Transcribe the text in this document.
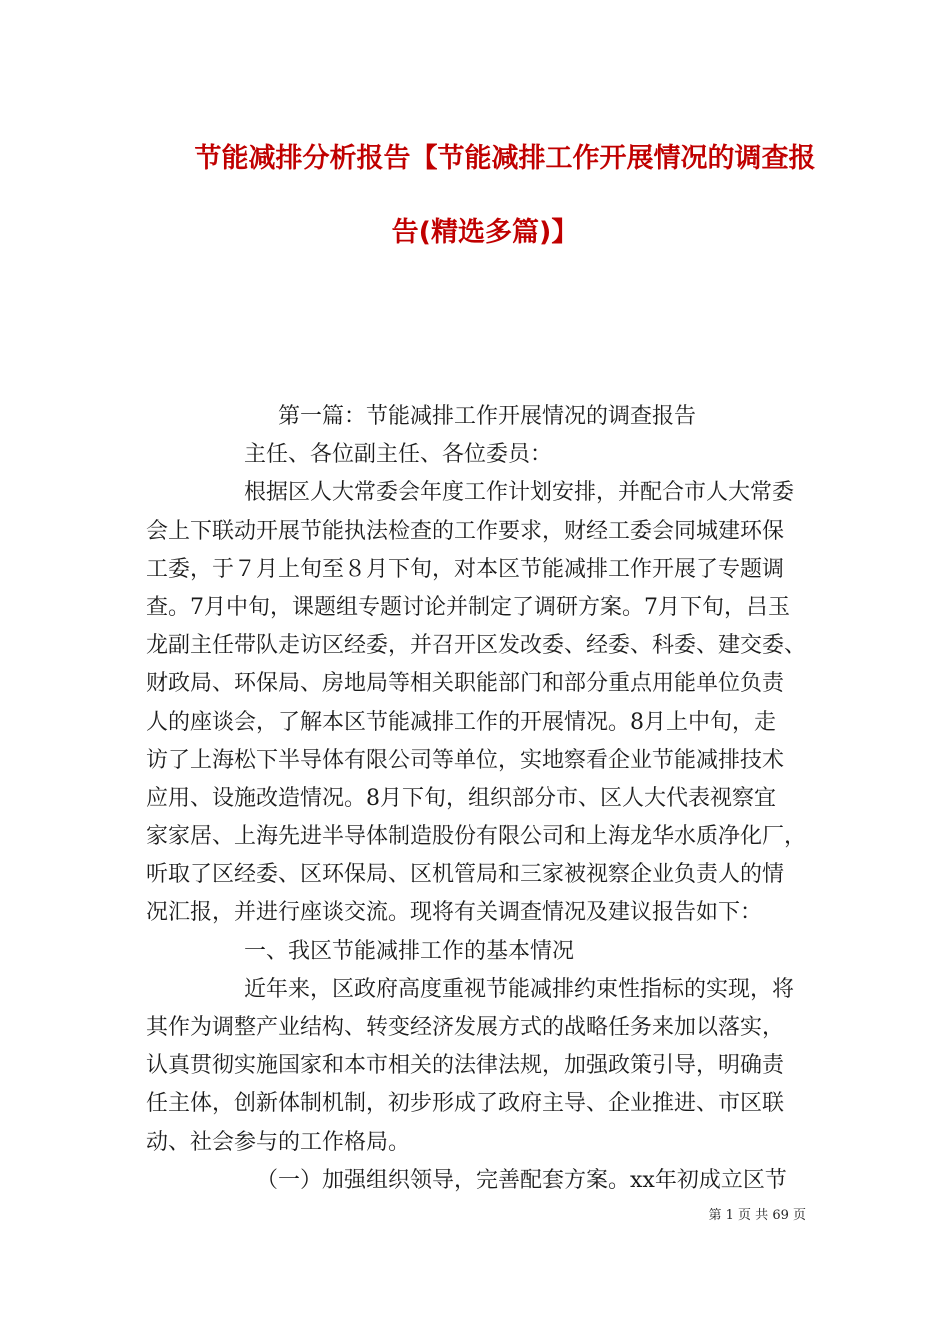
节能减排分析报告【节能减排工作开展情况的调查报
告(精选多篇)】
第一篇：节能减排工作开展情况的调查报告
主任、各位副主任、各位委员：
根据区人大常委会年度工作计划安排，并配合市人大常委
会上下联动开展节能执法检查的工作要求，财经工委会同城建环保
工委，于７月上旬至８月下旬，对本区节能减排工作开展了专题调
查。7月中旬，课题组专题讨论并制定了调研方案。7月下旬，吕玉
龙副主任带队走访区经委，并召开区发改委、经委、科委、建交委、
财政局、环保局、房地局等相关职能部门和部分重点用能单位负责
人的座谈会，了解本区节能减排工作的开展情况。8月上中旬，走
访了上海松下半导体有限公司等单位，实地察看企业节能减排技术
应用、设施改造情况。8月下旬，组织部分市、区人大代表视察宜
家家居、上海先进半导体制造股份有限公司和上海龙华水质净化厂，
听取了区经委、区环保局、区机管局和三家被视察企业负责人的情
况汇报，并进行座谈交流。现将有关调查情况及建议报告如下：
一、我区节能减排工作的基本情况
近年来，区政府高度重视节能减排约束性指标的实现，将
其作为调整产业结构、转变经济发展方式的战略任务来加以落实，
认真贯彻实施国家和本市相关的法律法规，加强政策引导，明确责
任主体，创新体制机制，初步形成了政府主导、企业推进、市区联
动、社会参与的工作格局。
（一）加强组织领导，完善配套方案。xx年初成立区节
第 1 页 共 69 页
